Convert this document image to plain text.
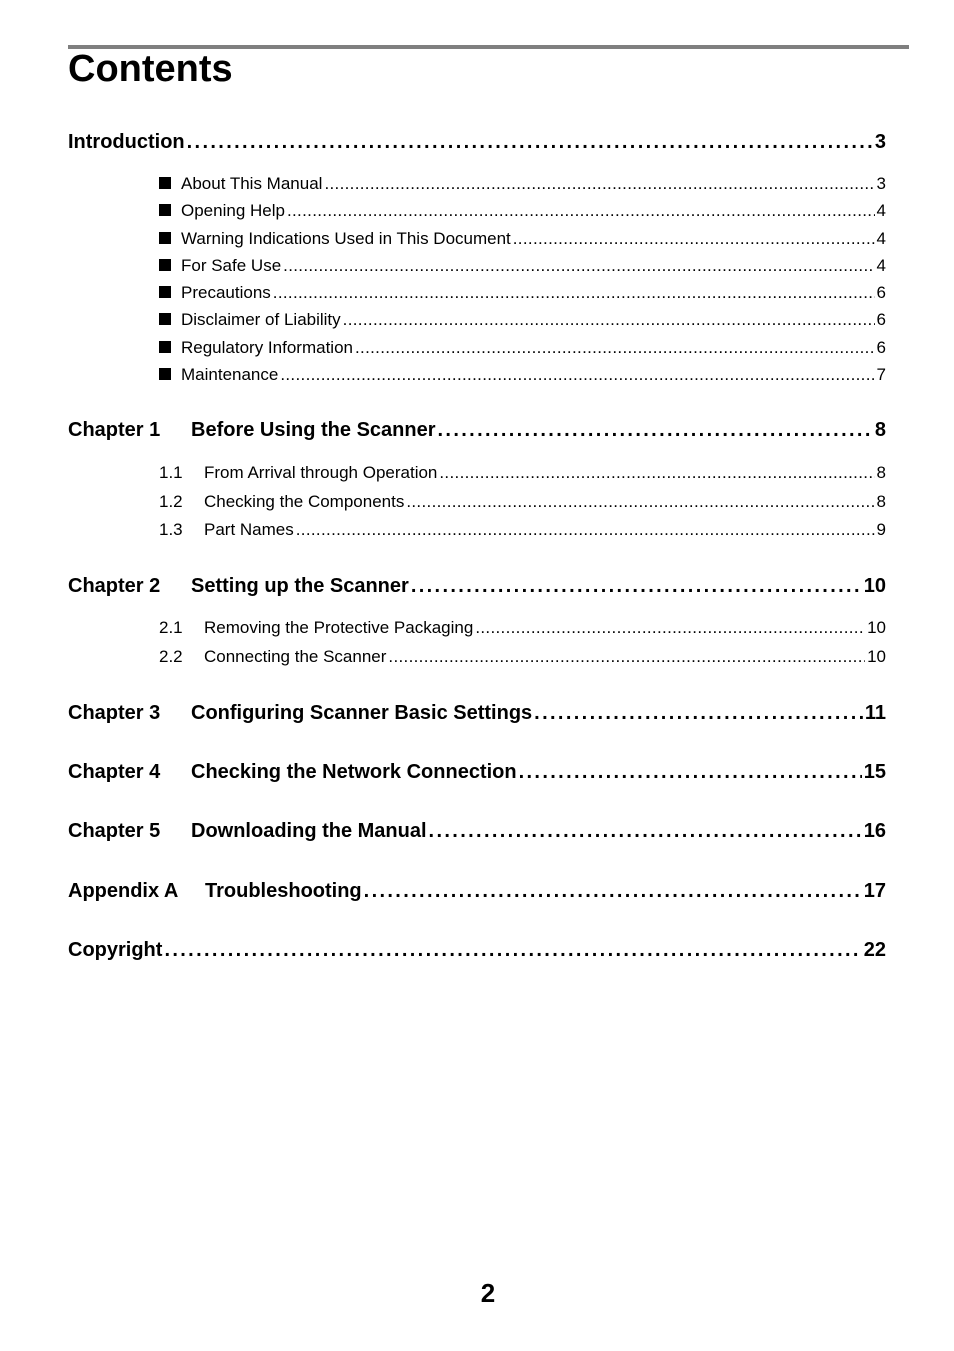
Contents
Introduction . . .	3
About This Manual . . .	3
Opening Help . . .	4
Warning Indications Used in This Document . . .	4
For Safe Use . . .	4
Precautions . . .	6
Disclaimer of Liability . . .	6
Regulatory Information . . .	6
Maintenance . . .	7
Chapter 1	Before Using the Scanner . . .	8
1.1	From Arrival through Operation . . .	8
1.2	Checking the Components . . .	8
1.3	Part Names . . .	9
Chapter 2	Setting up the Scanner . . .	10
2.1	Removing the Protective Packaging . . .	10
2.2	Connecting the Scanner . . .	10
Chapter 3	Configuring Scanner Basic Settings . . .	11
Chapter 4	Checking the Network Connection . . .	15
Chapter 5	Downloading the Manual . . .	16
Appendix A	Troubleshooting . . .	17
Copyright . . .	22
2
